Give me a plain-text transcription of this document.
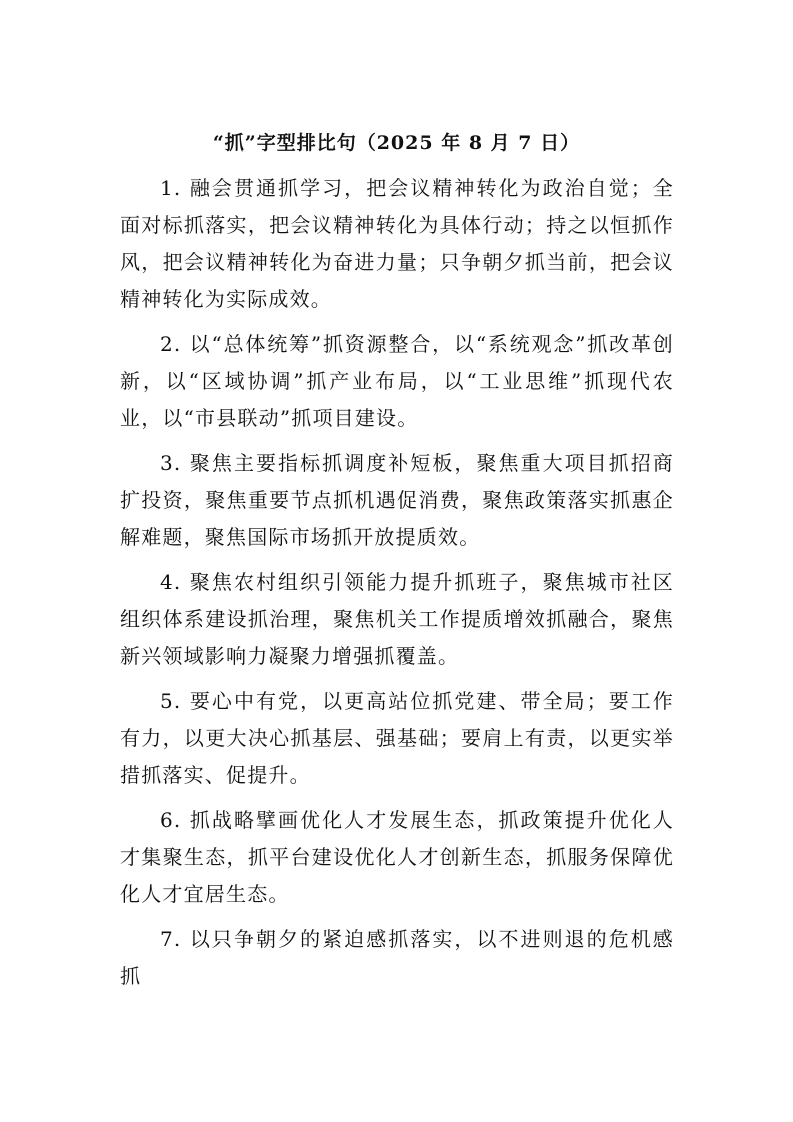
“抓”字型排比句（2025 年 8 月 7 日）

1. 融会贯通抓学习，把会议精神转化为政治自觉；全面对标抓落实，把会议精神转化为具体行动；持之以恒抓作风，把会议精神转化为奋进力量；只争朝夕抓当前，把会议精神转化为实际成效。

2. 以“总体统筹”抓资源整合，以“系统观念”抓改革创新，以“区域协调”抓产业布局，以“工业思维”抓现代农业，以“市县联动”抓项目建设。

3. 聚焦主要指标抓调度补短板，聚焦重大项目抓招商扩投资，聚焦重要节点抓机遇促消费，聚焦政策落实抓惠企解难题，聚焦国际市场抓开放提质效。

4. 聚焦农村组织引领能力提升抓班子，聚焦城市社区组织体系建设抓治理，聚焦机关工作提质增效抓融合，聚焦新兴领域影响力凝聚力增强抓覆盖。

5. 要心中有党，以更高站位抓党建、带全局；要工作有力，以更大决心抓基层、强基础；要肩上有责，以更实举措抓落实、促提升。

6. 抓战略擘画优化人才发展生态，抓政策提升优化人才集聚生态，抓平台建设优化人才创新生态，抓服务保障优化人才宜居生态。

7. 以只争朝夕的紧迫感抓落实，以不进则退的危机感抓
